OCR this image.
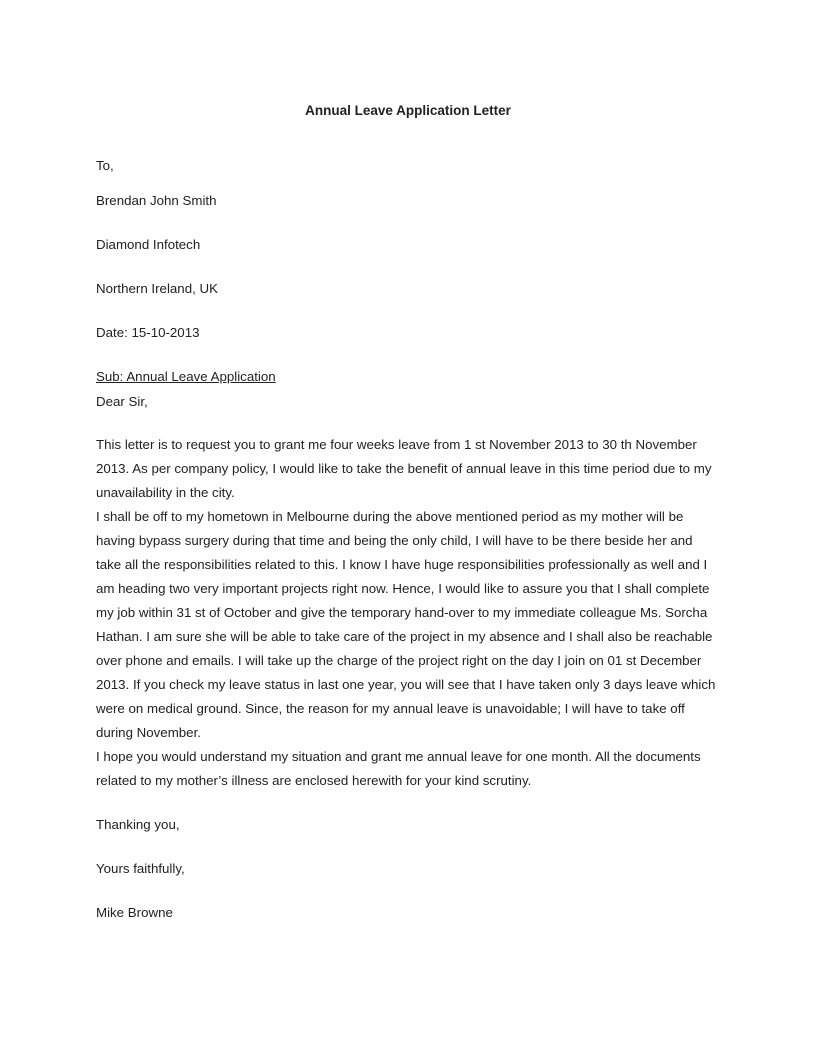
Annual Leave Application Letter

To,

Brendan John Smith

Diamond Infotech

Northern Ireland, UK

Date: 15-10-2013

Sub: Annual Leave Application

Dear Sir,

This letter is to request you to grant me four weeks leave from 1 st November 2013 to 30 th November
2013. As per company policy, I would like to take the benefit of annual leave in this time period due to my
unavailability in the city.
I shall be off to my hometown in Melbourne during the above mentioned period as my mother will be
having bypass surgery during that time and being the only child, I will have to be there beside her and
take all the responsibilities related to this. I know I have huge responsibilities professionally as well and I
am heading two very important projects right now. Hence, I would like to assure you that I shall complete
my job within 31 st of October and give the temporary hand-over to my immediate colleague Ms. Sorcha
Hathan. I am sure she will be able to take care of the project in my absence and I shall also be reachable
over phone and emails. I will take up the charge of the project right on the day I join on 01 st December
2013. If you check my leave status in last one year, you will see that I have taken only 3 days leave which
were on medical ground. Since, the reason for my annual leave is unavoidable; I will have to take off
during November.
I hope you would understand my situation and grant me annual leave for one month. All the documents
related to my mother’s illness are enclosed herewith for your kind scrutiny.

Thanking you,

Yours faithfully,

Mike Browne
